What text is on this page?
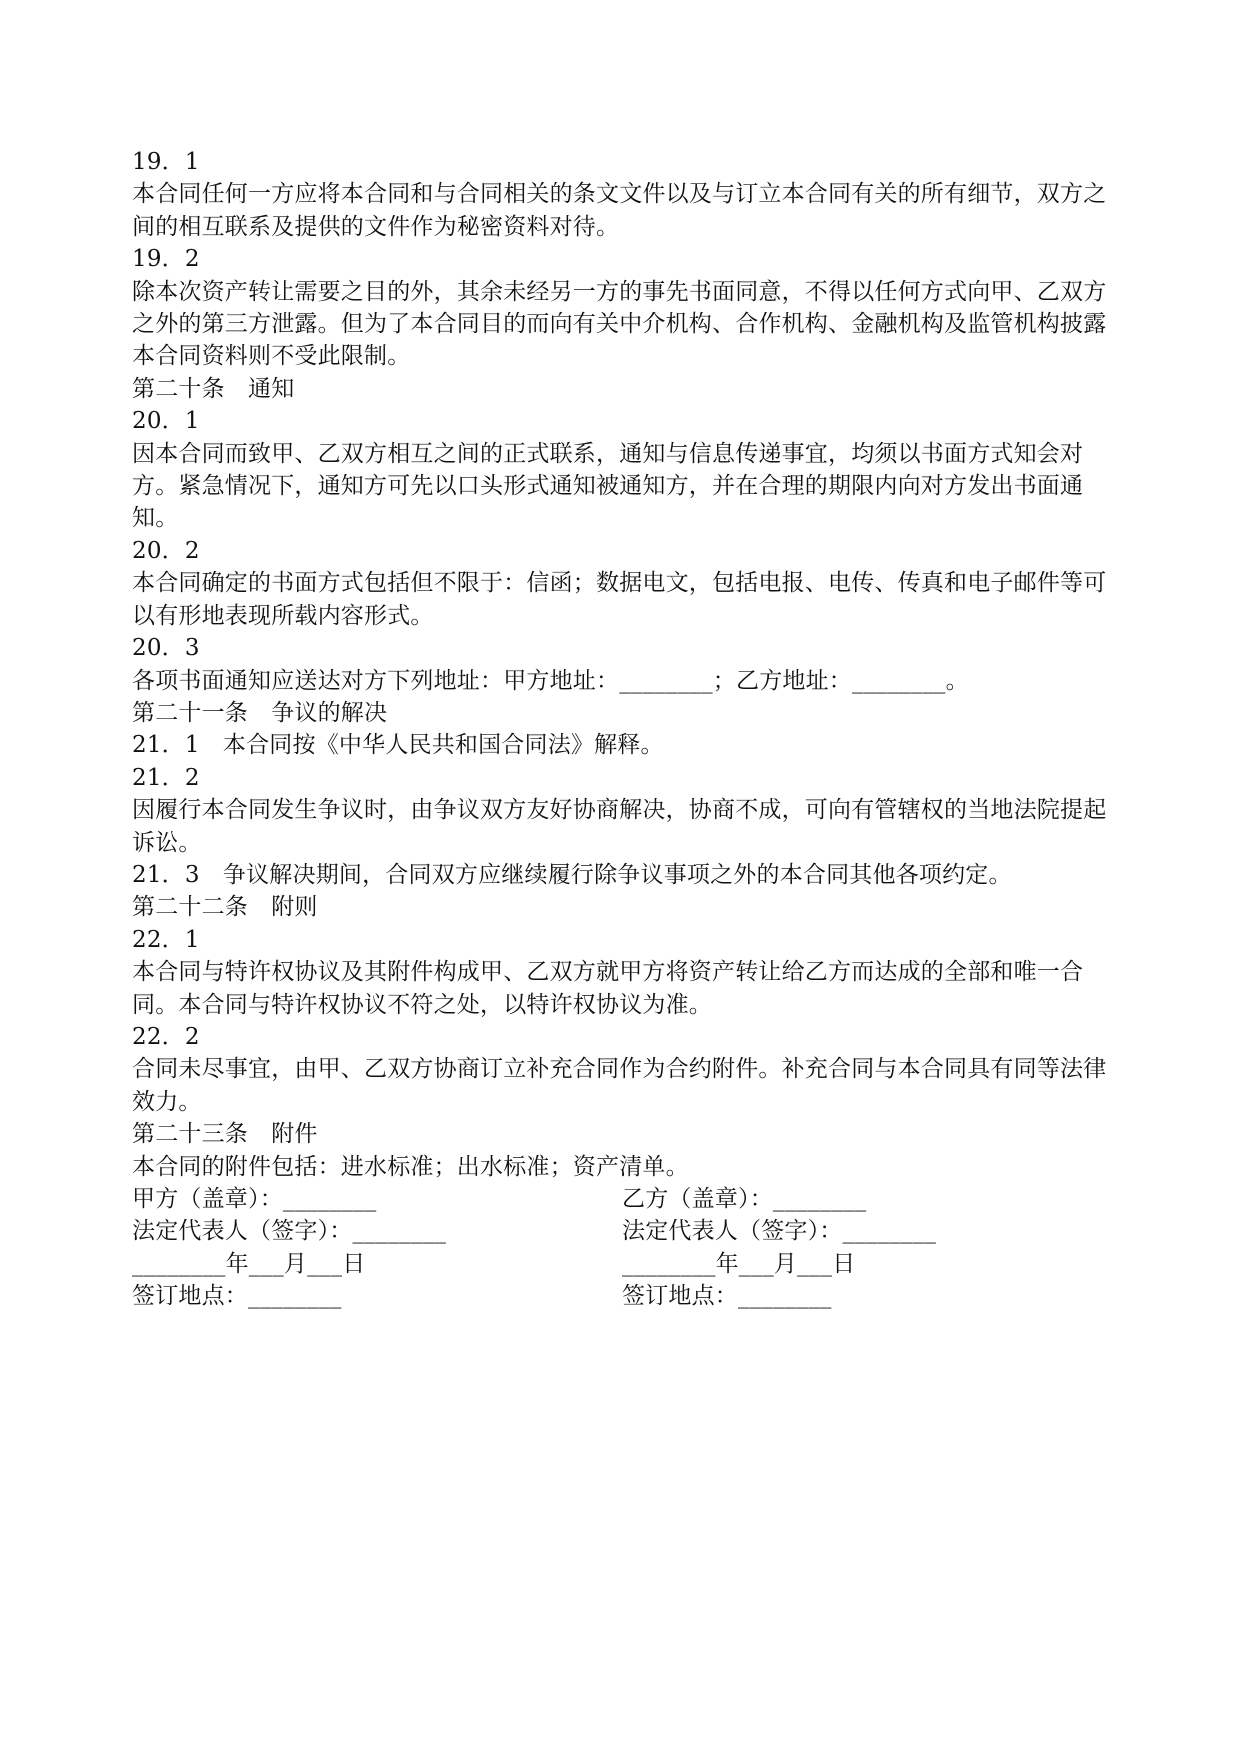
19．1
本合同任何一方应将本合同和与合同相关的条文文件以及与订立本合同有关的所有细节，双方之间的相互联系及提供的文件作为秘密资料对待。
19．2
除本次资产转让需要之目的外，其余未经另一方的事先书面同意，不得以任何方式向甲、乙双方之外的第三方泄露。但为了本合同目的而向有关中介机构、合作机构、金融机构及监管机构披露本合同资料则不受此限制。
第二十条　通知
20．1
因本合同而致甲、乙双方相互之间的正式联系，通知与信息传递事宜，均须以书面方式知会对方。紧急情况下，通知方可先以口头形式通知被通知方，并在合理的期限内向对方发出书面通知。
20．2
本合同确定的书面方式包括但不限于：信函；数据电文，包括电报、电传、传真和电子邮件等可以有形地表现所载内容形式。
20．3
各项书面通知应送达对方下列地址：甲方地址：________；乙方地址：________。
第二十一条　争议的解决
21．1　本合同按《中华人民共和国合同法》解释。
21．2
因履行本合同发生争议时，由争议双方友好协商解决，协商不成，可向有管辖权的当地法院提起诉讼。
21．3　争议解决期间，合同双方应继续履行除争议事项之外的本合同其他各项约定。
第二十二条　附则
22．1
本合同与特许权协议及其附件构成甲、乙双方就甲方将资产转让给乙方而达成的全部和唯一合同。本合同与特许权协议不符之处，以特许权协议为准。
22．2
合同未尽事宜，由甲、乙双方协商订立补充合同作为合约附件。补充合同与本合同具有同等法律效力。
第二十三条　附件
本合同的附件包括：进水标准；出水标准；资产清单。
甲方（盖章）：________	乙方（盖章）：________
法定代表人（签字）：________	法定代表人（签字）：________
________年___月___日	________年___月___日
签订地点：________	签订地点：________
